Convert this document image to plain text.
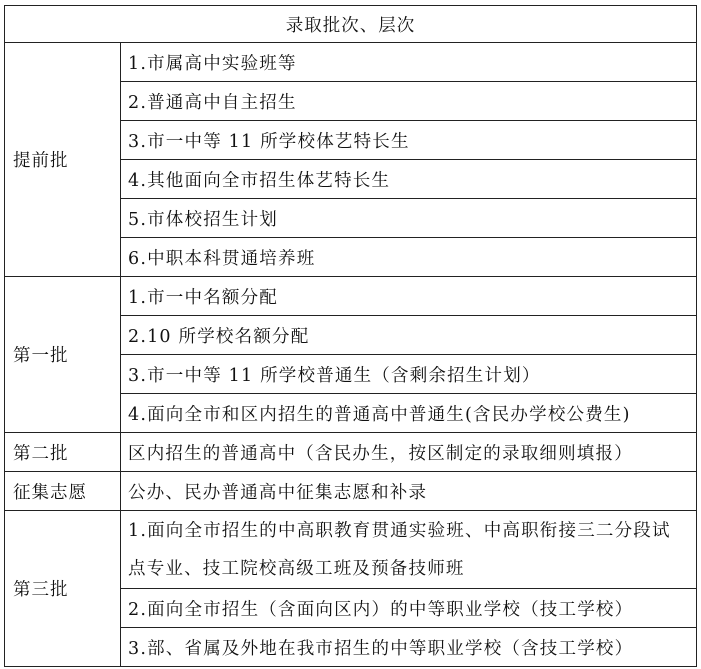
录取批次、层次	
提前批	1.市属高中实验班等
	2.普通高中自主招生
	3.市一中等 11 所学校体艺特长生
	4.其他面向全市招生体艺特长生
	5.市体校招生计划
	6.中职本科贯通培养班
第一批	1.市一中名额分配
	2.10 所学校名额分配
	3.市一中等 11 所学校普通生（含剩余招生计划）
	4.面向全市和区内招生的普通高中普通生(含民办学校公费生)
第二批	区内招生的普通高中（含民办生，按区制定的录取细则填报）
征集志愿	公办、民办普通高中征集志愿和补录
第三批	1.面向全市招生的中高职教育贯通实验班、中高职衔接三二分段试点专业、技工院校高级工班及预备技师班
	2.面向全市招生（含面向区内）的中等职业学校（技工学校）
	3.部、省属及外地在我市招生的中等职业学校（含技工学校）
